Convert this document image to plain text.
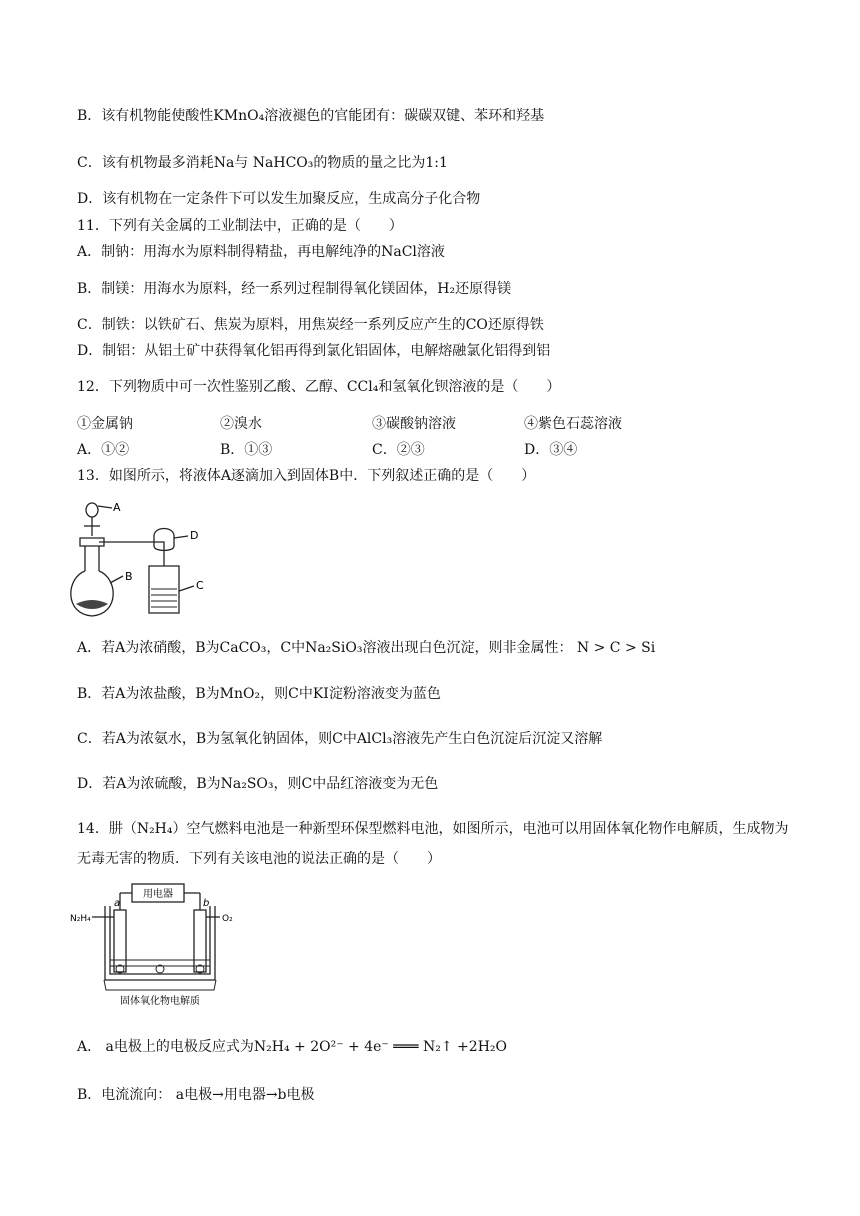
B．该有机物能使酸性KMnO₄溶液褪色的官能团有：碳碳双键、苯环和羟基
C．该有机物最多消耗Na与 NaHCO₃的物质的量之比为1:1
D．该有机物在一定条件下可以发生加聚反应，生成高分子化合物
11．下列有关金属的工业制法中，正确的是（　　）
A．制钠：用海水为原料制得精盐，再电解纯净的NaCl溶液
B．制镁：用海水为原料，经一系列过程制得氧化镁固体，H₂还原得镁
C．制铁：以铁矿石、焦炭为原料，用焦炭经一系列反应产生的CO还原得铁
D．制铝：从铝土矿中获得氧化铝再得到氯化铝固体，电解熔融氯化铝得到铝
12．下列物质中可一次性鉴别乙酸、乙醇、CCl₄和氢氧化钡溶液的是（　　）
①金属钠	②溴水	③碳酸钠溶液	④紫色石蕊溶液
A．①②	B．①③	C．②③	D．③④
13．如图所示，将液体A逐滴加入到固体B中．下列叙述正确的是（　　）
A
B
C
D
A．若A为浓硝酸，B为CaCO₃，C中Na₂SiO₃溶液出现白色沉淀，则非金属性： N > C > Si
B．若A为浓盐酸，B为MnO₂，则C中KI淀粉溶液变为蓝色
C．若A为浓氨水，B为氢氧化钠固体，则C中AlCl₃溶液先产生白色沉淀后沉淀又溶解
D．若A为浓硫酸，B为Na₂SO₃，则C中品红溶液变为无色
14．肼（N₂H₄）空气燃料电池是一种新型环保型燃料电池，如图所示，电池可以用固体氧化物作电解质，生成物为无毒无害的物质．下列有关该电池的说法正确的是（　　）
用电器
N₂H₄	O₂
a	b
固体氧化物电解质
A． a电极上的电极反应式为N₂H₄ + 2O²⁻ + 4e⁻ ═══ N₂↑ +2H₂O
B．电流流向： a电极→用电器→b电极
